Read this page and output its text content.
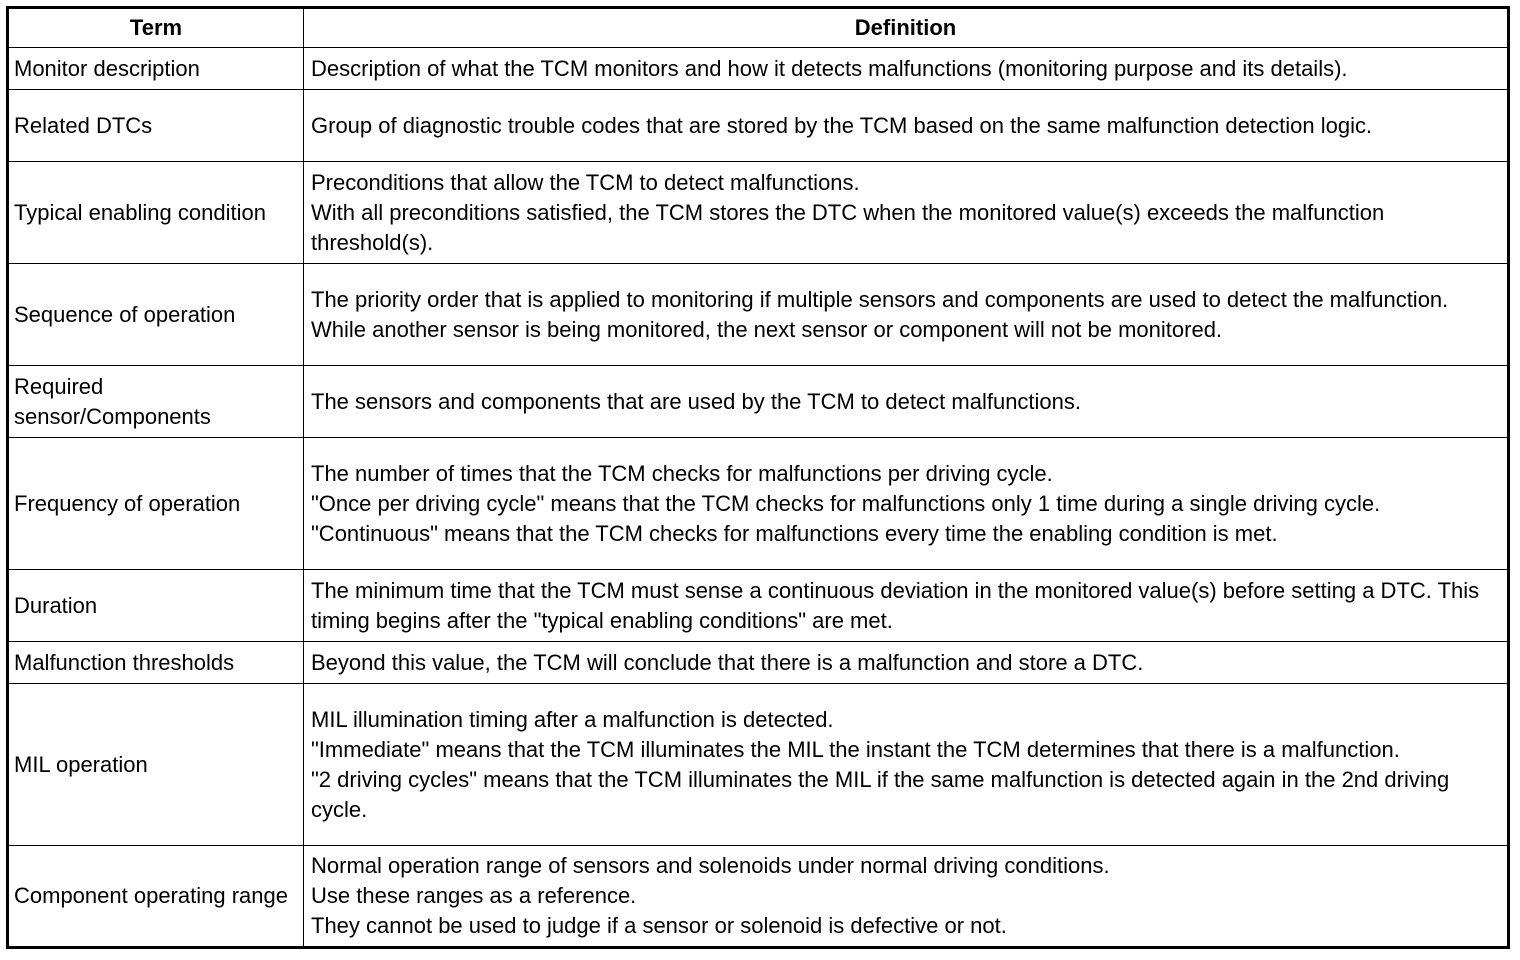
Term	Definition
Monitor description	Description of what the TCM monitors and how it detects malfunctions (monitoring purpose and its details).

Related DTCs	Group of diagnostic trouble codes that are stored by the TCM based on the same malfunction detection logic.

Typical enabling condition	Preconditions that allow the TCM to detect malfunctions.
With all preconditions satisfied, the TCM stores the DTC when the monitored value(s) exceeds the malfunction threshold(s).

Sequence of operation	The priority order that is applied to monitoring if multiple sensors and components are used to detect the malfunction.
While another sensor is being monitored, the next sensor or component will not be monitored.

Required sensor/Components	The sensors and components that are used by the TCM to detect malfunctions.

Frequency of operation	The number of times that the TCM checks for malfunctions per driving cycle.
"Once per driving cycle" means that the TCM checks for malfunctions only 1 time during a single driving cycle.
"Continuous" means that the TCM checks for malfunctions every time the enabling condition is met.

Duration	The minimum time that the TCM must sense a continuous deviation in the monitored value(s) before setting a DTC. This timing begins after the "typical enabling conditions" are met.

Malfunction thresholds	Beyond this value, the TCM will conclude that there is a malfunction and store a DTC.

MIL operation	MIL illumination timing after a malfunction is detected.
"Immediate" means that the TCM illuminates the MIL the instant the TCM determines that there is a malfunction.
"2 driving cycles" means that the TCM illuminates the MIL if the same malfunction is detected again in the 2nd driving cycle.

Component operating range	Normal operation range of sensors and solenoids under normal driving conditions.
Use these ranges as a reference.
They cannot be used to judge if a sensor or solenoid is defective or not.
